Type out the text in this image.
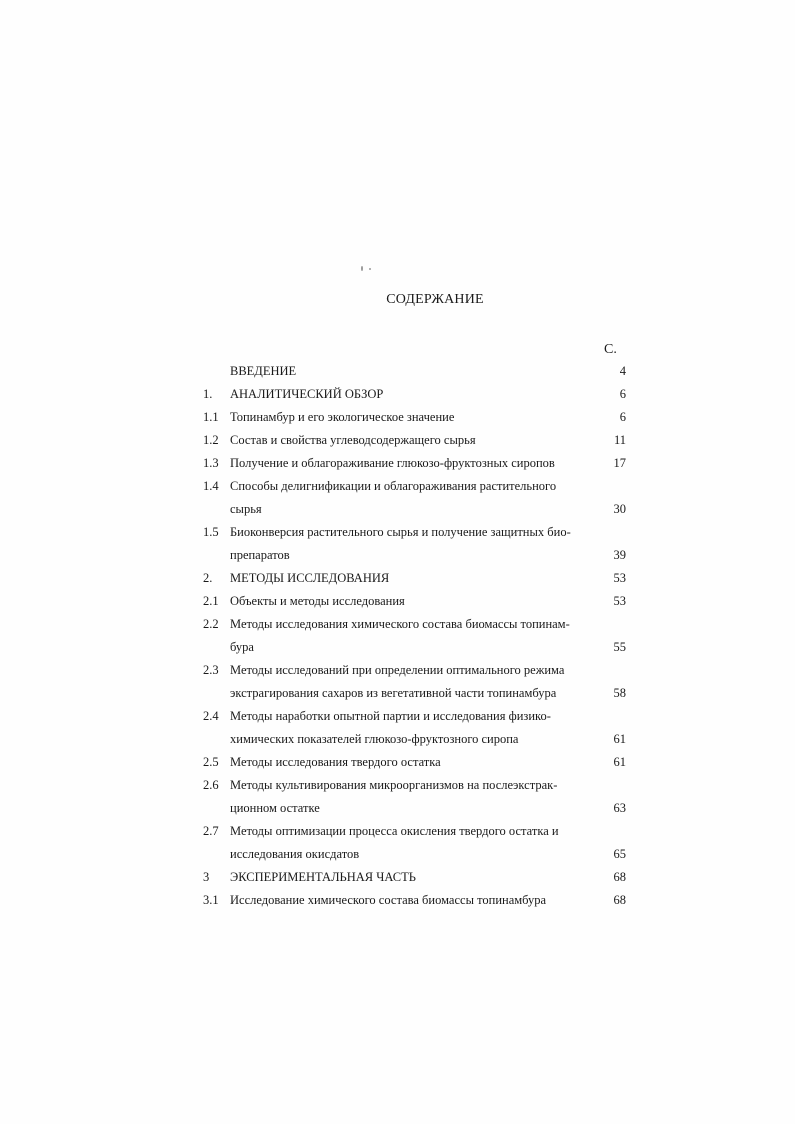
СОДЕРЖАНИЕ
С.
ВВЕДЕНИЕ	4
1.	АНАЛИТИЧЕСКИЙ ОБЗОР	6
1.1 Топинамбур и его экологическое значение	6
1.2 Состав и свойства углеводсодержащего сырья	11
1.3 Получение и облагораживание глюкозо-фруктозных сиропов	17
1.4 Способы делигнификации и облагораживания растительного
сырья	30
1.5 Биоконверсия растительного сырья и получение защитных био-
препаратов	39
2.	МЕТОДЫ ИССЛЕДОВАНИЯ	53
2.1 Объекты и методы исследования	53
2.2 Методы исследования химического состава биомассы топинам-
бура	55
2.3 Методы исследований при определении оптимального режима
экстрагирования сахаров из вегетативной части топинамбура	58
2.4 Методы наработки опытной партии и исследования физико-
химических показателей глюкозо-фруктозного сиропа	61
2.5 Методы исследования твердого остатка	61
2.6 Методы культивирования микроорганизмов на послеэкстрак-
ционном остатке	63
2.7 Методы оптимизации процесса окисления твердого остатка и
исследования окисдатов	65
3	ЭКСПЕРИМЕНТАЛЬНАЯ ЧАСТЬ	68
3.1 Исследование химического состава биомассы топинамбура	68
